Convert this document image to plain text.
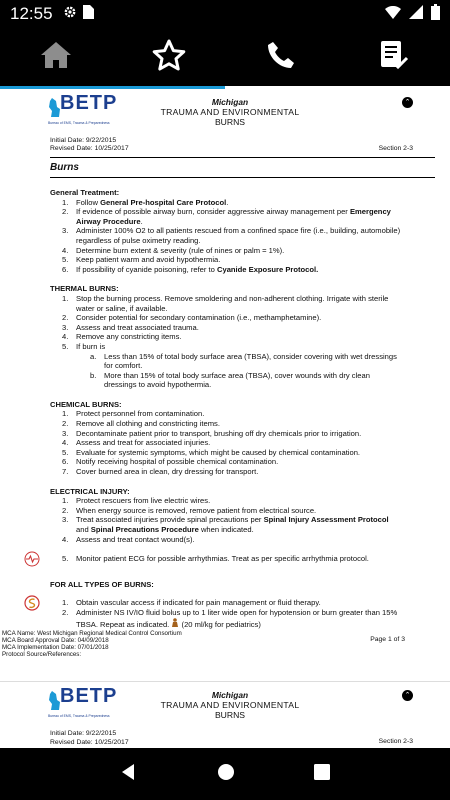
12:55
BETP
Bureau of EMS, Trauma & Preparedness
Michigan
TRAUMA AND ENVIRONMENTAL
BURNS
⌃
Initial Date: 9/22/2015
Revised Date: 10/25/2017	Section 2-3
Burns
General Treatment:
1. Follow General Pre-hospital Care Protocol.
2. If evidence of possible airway burn, consider aggressive airway management per Emergency Airway Procedure.
3. Administer 100% O2 to all patients rescued from a confined space fire (i.e., building, automobile) regardless of pulse oximetry reading.
4. Determine burn extent & severity (rule of nines or palm = 1%).
5. Keep patient warm and avoid hypothermia.
6. If possibility of cyanide poisoning, refer to Cyanide Exposure Protocol.
THERMAL BURNS:
1. Stop the burning process. Remove smoldering and non-adherent clothing. Irrigate with sterile water or saline, if available.
2. Consider potential for secondary contamination (i.e., methamphetamine).
3. Assess and treat associated trauma.
4. Remove any constricting items.
5. If burn is
a. Less than 15% of total body surface area (TBSA), consider covering with wet dressings for comfort.
b. More than 15% of total body surface area (TBSA), cover wounds with dry clean dressings to avoid hypothermia.
CHEMICAL BURNS:
1. Protect personnel from contamination.
2. Remove all clothing and constricting items.
3. Decontaminate patient prior to transport, brushing off dry chemicals prior to irrigation.
4. Assess and treat for associated injuries.
5. Evaluate for systemic symptoms, which might be caused by chemical contamination.
6. Notify receiving hospital of possible chemical contamination.
7. Cover burned area in clean, dry dressing for transport.
ELECTRICAL INJURY:
1. Protect rescuers from live electric wires.
2. When energy source is removed, remove patient from electrical source.
3. Treat associated injuries provide spinal precautions per Spinal Injury Assessment Protocol and Spinal Precautions Procedure when indicated.
4. Assess and treat contact wound(s).
5. Monitor patient ECG for possible arrhythmias. Treat as per specific arrhythmia protocol.
FOR ALL TYPES OF BURNS:
1. Obtain vascular access if indicated for pain management or fluid therapy.
2. Administer NS IV/IO fluid bolus up to 1 liter wide open for hypotension or burn greater than 15% TBSA. Repeat as indicated. (20 ml/kg for pediatrics)
MCA Name: West Michigan Regional Medical Control Consortium
MCA Board Approval Date: 04/09/2018
MCA Implementation Date: 07/01/2018
Protocol Source/References:
Page 1 of 3
BETP
Bureau of EMS, Trauma & Preparedness
Michigan
TRAUMA AND ENVIRONMENTAL
BURNS
⌃
Initial Date: 9/22/2015
Revised Date: 10/25/2017	Section 2-3
